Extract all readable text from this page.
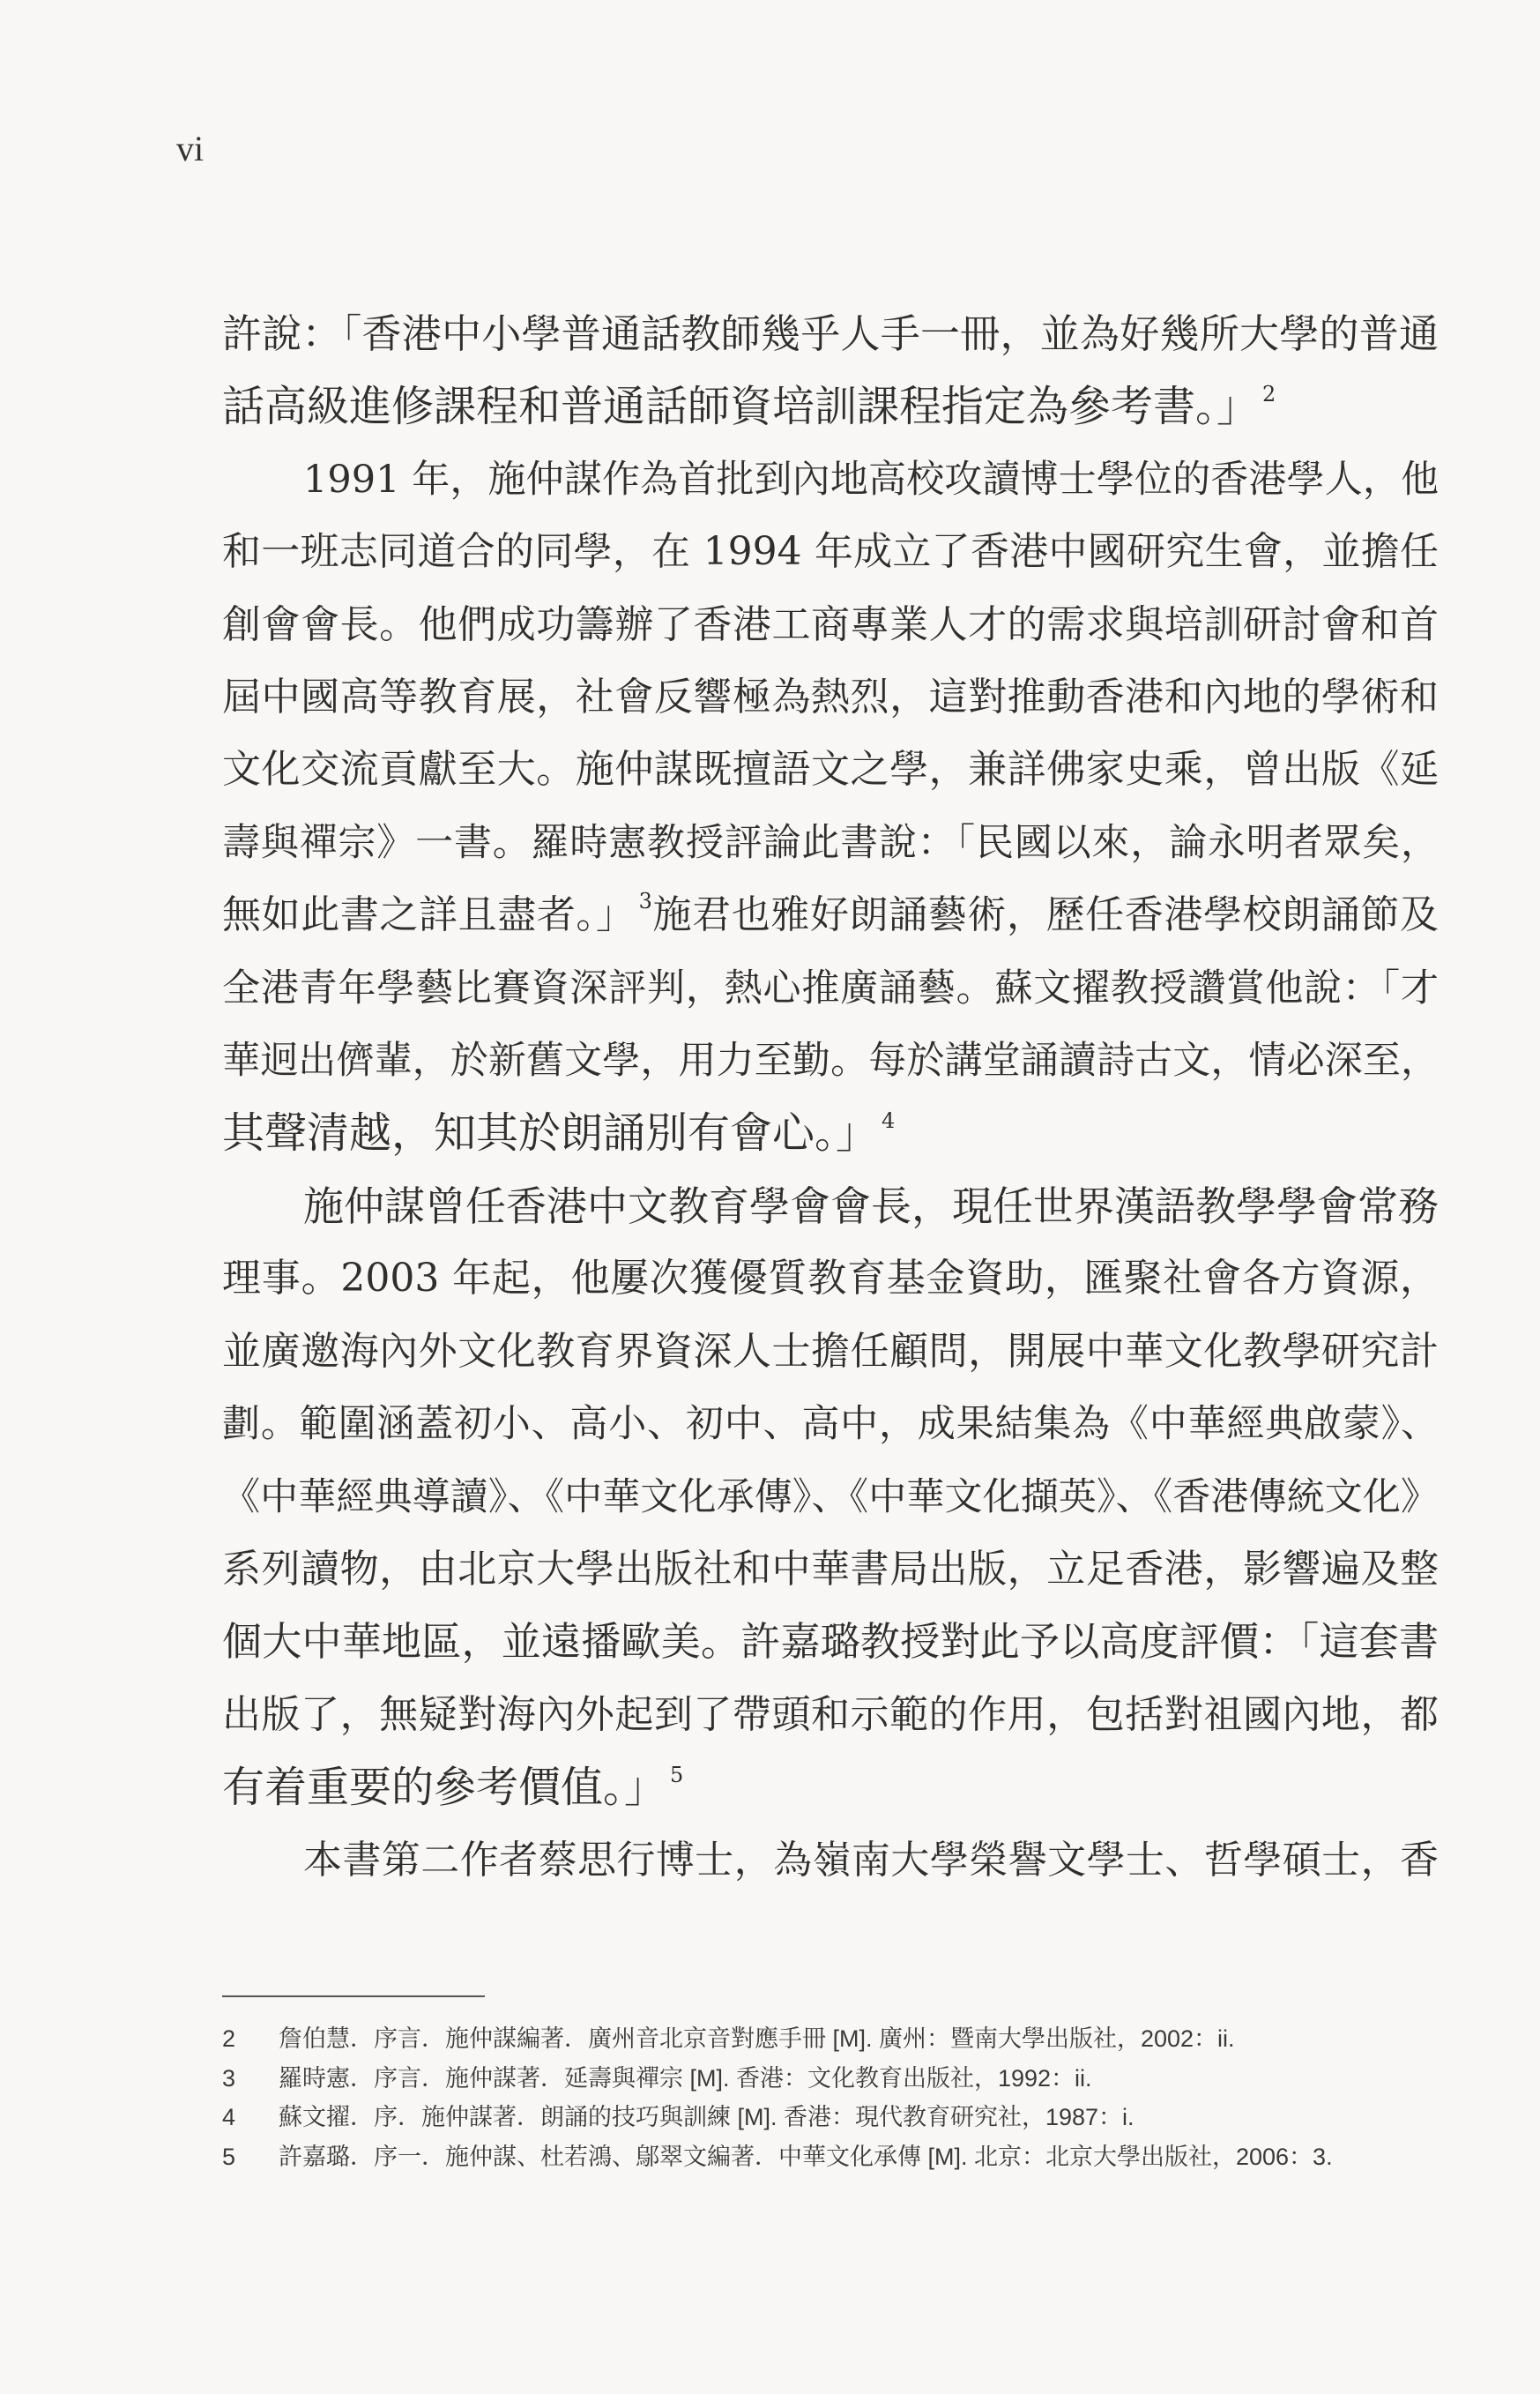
vi
許說：「香港中小學普通話教師幾乎人手一冊，並為好幾所大學的普通
話高級進修課程和普通話師資培訓課程指定為參考書。」 $^2$
1991 年，施仲謀作為首批到內地高校攻讀博士學位的香港學人，他
和一班志同道合的同學，在 1994 年成立了香港中國研究生會，並擔任
創會會長。他們成功籌辦了香港工商專業人才的需求與培訓研討會和首
屆中國高等教育展，社會反響極為熱烈，這對推動香港和內地的學術和
文化交流貢獻至大。施仲謀既擅語文之學，兼詳佛家史乘，曾出版《延
壽與禪宗》一書。羅時憲教授評論此書說：「民國以來，論永明者眾矣，
無如此書之詳且盡者。」 $^3$施君也雅好朗誦藝術，歷任香港學校朗誦節及
全港青年學藝比賽資深評判，熱心推廣誦藝。蘇文擢教授讚賞他說：「才
華迥出儕輩，於新舊文學，用力至勤。每於講堂誦讀詩古文，情必深至，
其聲清越，知其於朗誦別有會心。」 $^4$
施仲謀曾任香港中文教育學會會長，現任世界漢語教學學會常務
理事。2003 年起，他屢次獲優質教育基金資助，匯聚社會各方資源，
並廣邀海內外文化教育界資深人士擔任顧問，開展中華文化教學研究計
劃。範圍涵蓋初小、高小、初中、高中，成果結集為《中華經典啟蒙》、
《中華經典導讀》、《中華文化承傳》、《中華文化擷英》、《香港傳統文化》
系列讀物，由北京大學出版社和中華書局出版，立足香港，影響遍及整
個大中華地區，並遠播歐美。許嘉璐教授對此予以高度評價：「這套書
出版了，無疑對海內外起到了帶頭和示範的作用，包括對祖國內地，都
有着重要的參考價值。」 $^5$
本書第二作者蔡思行博士，為嶺南大學榮譽文學士、哲學碩士，香
2 詹伯慧．序言．施仲謀編著．廣州音北京音對應手冊 [M]. 廣州：暨南大學出版社，2002：ii.
3 羅時憲．序言．施仲謀著．延壽與禪宗 [M]. 香港：文化教育出版社，1992：ii.
4 蘇文擢．序．施仲謀著．朗誦的技巧與訓練 [M]. 香港：現代教育研究社，1987：i.
5 許嘉璐．序一．施仲謀、杜若鴻、鄔翠文編著．中華文化承傳 [M]. 北京：北京大學出版社，2006：3.
